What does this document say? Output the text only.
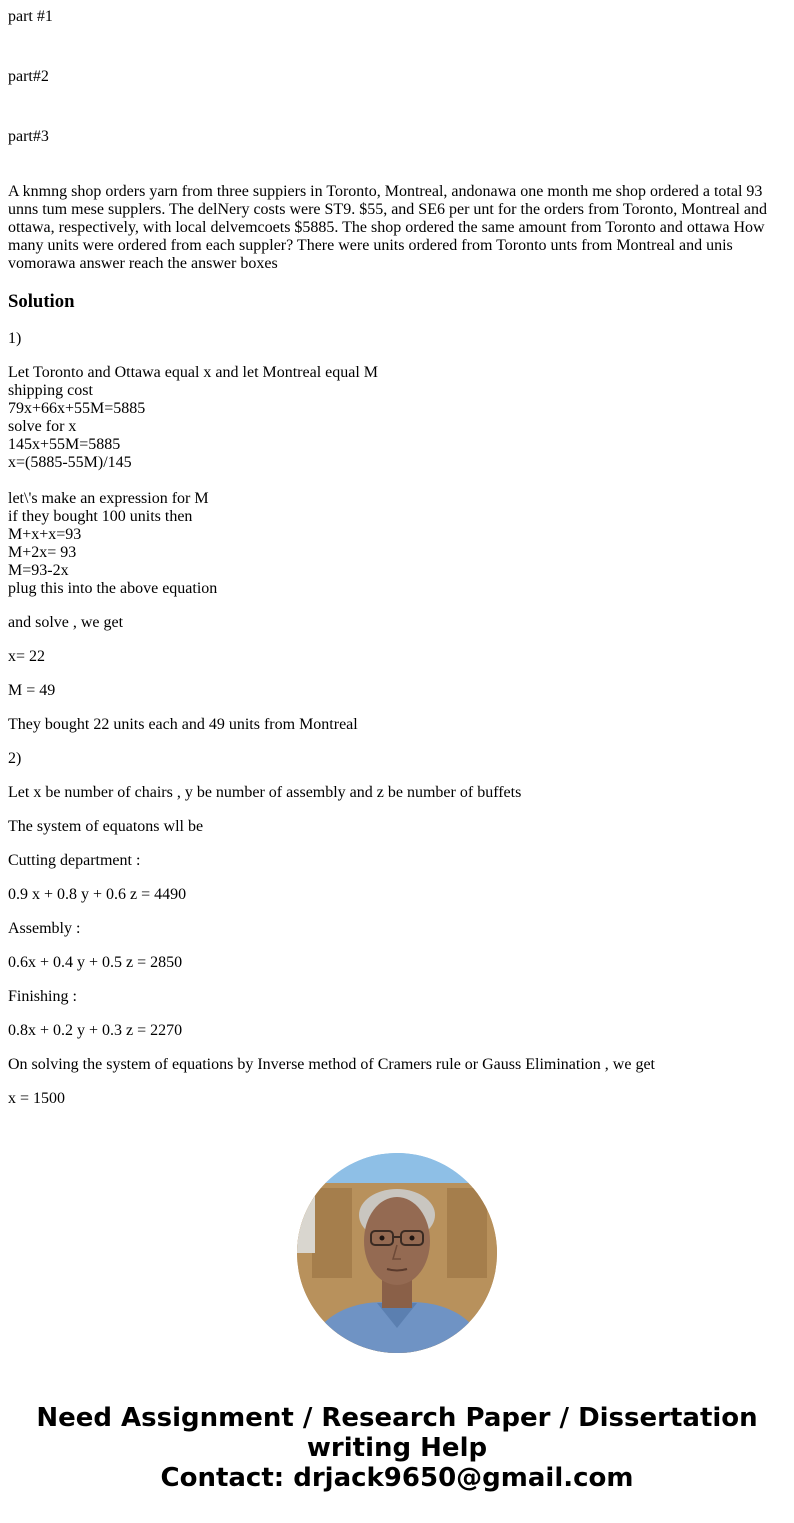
part #1

part#2

part#3

A knmng shop orders yarn from three suppiers in Toronto, Montreal, andonawa one month me shop ordered a total 93 unns tum mese supplers. The delNery costs were ST9. $55, and SE6 per unt for the orders from Toronto, Montreal and ottawa, respectively, with local delvemcoets $5885. The shop ordered the same amount from Toronto and ottawa How many units were ordered from each suppler? There were units ordered from Toronto unts from Montreal and unis vomorawa answer reach the answer boxes

Solution

1)

Let Toronto and Ottawa equal x and let Montreal equal M
shipping cost
79x+66x+55M=5885
solve for x
145x+55M=5885
x=(5885-55M)/145

let\'s make an expression for M
if they bought 100 units then
M+x+x=93
M+2x= 93
M=93-2x
plug this into the above equation

and solve , we get

x= 22

M = 49

They bought 22 units each and 49 units from Montreal

2)

Let x be number of chairs , y be number of assembly and z be number of buffets

The system of equatons wll be

Cutting department :

0.9 x + 0.8 y + 0.6 z = 4490

Assembly :

0.6x + 0.4 y + 0.5 z = 2850

Finishing :

0.8x + 0.2 y + 0.3 z = 2270

On solving the system of equations by Inverse method of Cramers rule or Gauss Elimination , we get

x = 1500

Need Assignment / Research Paper / Dissertation
writing Help
Contact: drjack9650@gmail.com
